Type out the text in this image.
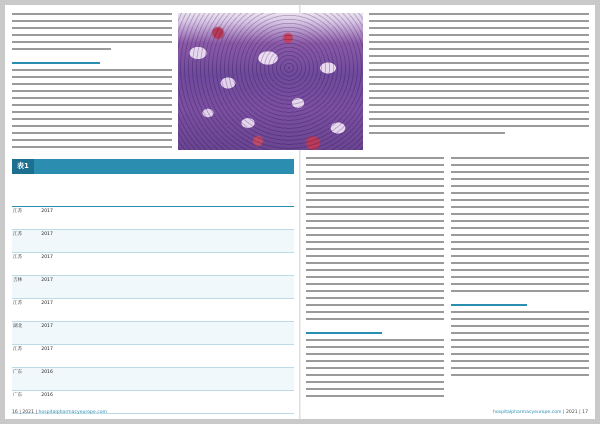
表1

江苏	2017									
江苏	2017									
江苏	2017									
吉林	2017									
江苏	2017									
湖北	2017									
江苏	2017									
广东	2016									
广东	2016									
16 | 2021 | hospitalpharmacyeurope.com	hospitalpharmacyeurope.com | 2021 | 17
